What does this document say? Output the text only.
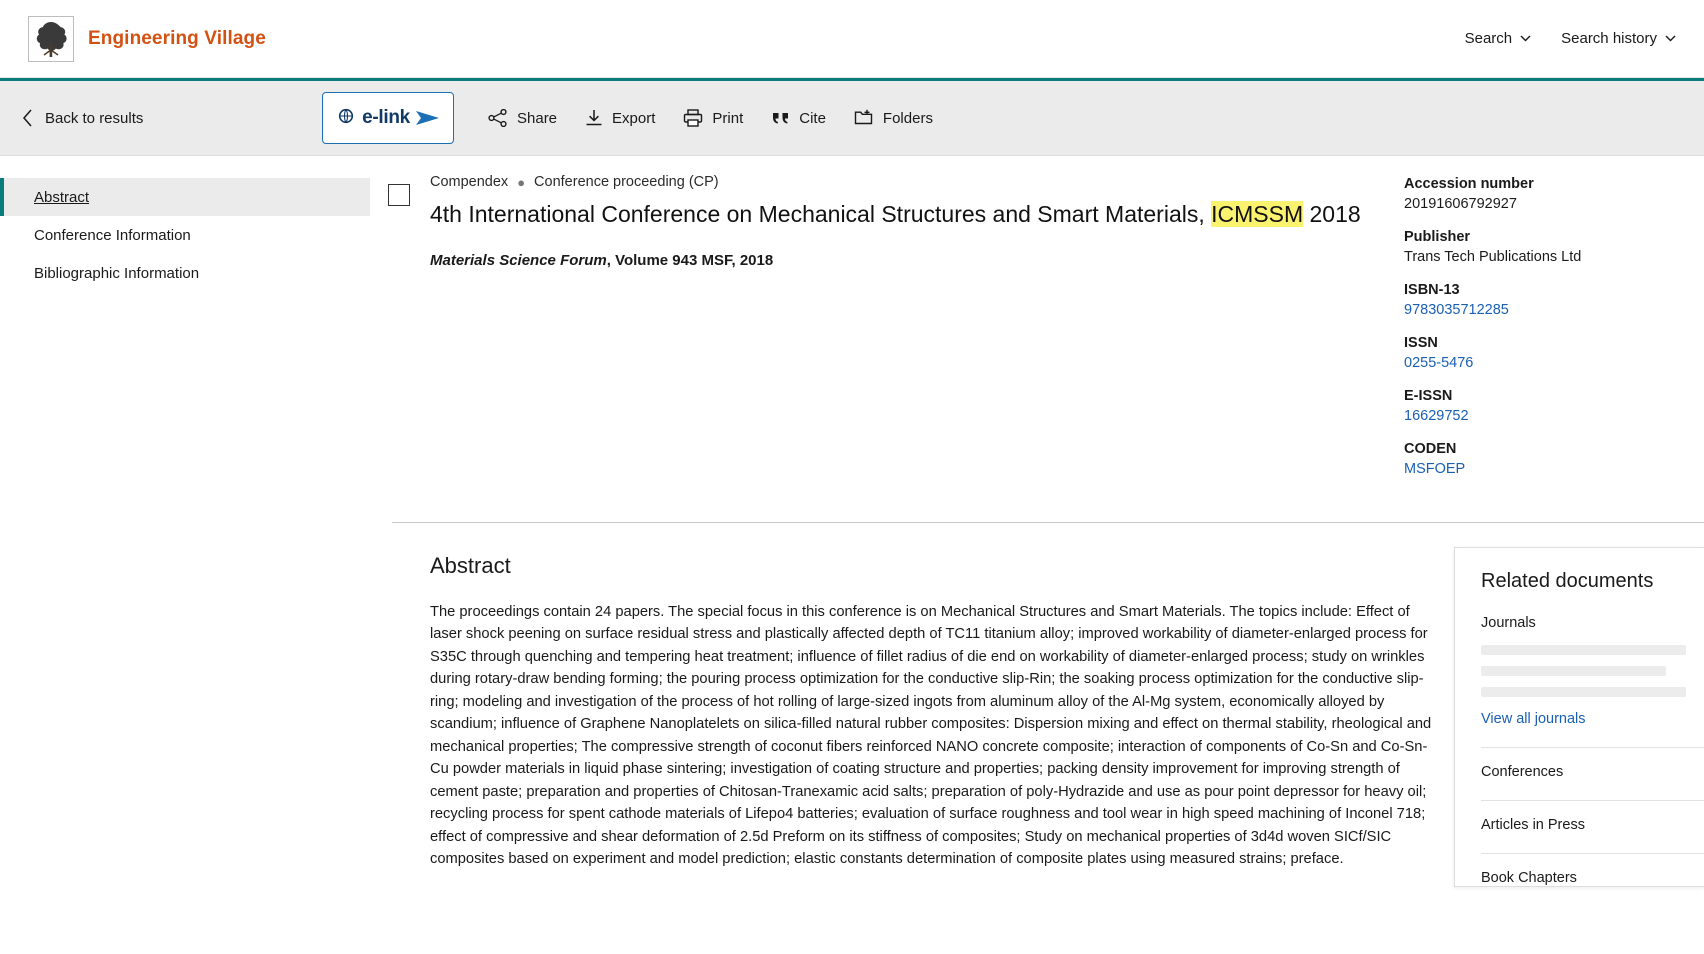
Engineering Village	Search	Search history
Back to results	e-link	Share	Export	Print	Cite	Folders
Abstract
Conference Information
Bibliographic Information
Compendex ● Conference proceeding (CP)
4th International Conference on Mechanical Structures and Smart Materials, ICMSSM 2018
Materials Science Forum, Volume 943 MSF, 2018
Accession number
20191606792927
Publisher
Trans Tech Publications Ltd
ISBN-13
9783035712285
ISSN
0255-5476
E-ISSN
16629752
CODEN
MSFOEP
Abstract
The proceedings contain 24 papers. The special focus in this conference is on Mechanical Structures and Smart Materials. The topics include: Effect of laser shock peening on surface residual stress and plastically affected depth of TC11 titanium alloy; improved workability of diameter-enlarged process for S35C through quenching and tempering heat treatment; influence of fillet radius of die end on workability of diameter-enlarged process; study on wrinkles during rotary-draw bending forming; the pouring process optimization for the conductive slip-Rin; the soaking process optimization for the conductive slip-ring; modeling and investigation of the process of hot rolling of large-sized ingots from aluminum alloy of the Al-Mg system, economically alloyed by scandium; influence of Graphene Nanoplatelets on silica-filled natural rubber composites: Dispersion mixing and effect on thermal stability, rheological and mechanical properties; The compressive strength of coconut fibers reinforced NANO concrete composite; interaction of components of Co-Sn and Co-Sn-Cu powder materials in liquid phase sintering; investigation of coating structure and properties; packing density improvement for improving strength of cement paste; preparation and properties of Chitosan-Tranexamic acid salts; preparation of poly-Hydrazide and use as pour point depressor for heavy oil; recycling process for spent cathode materials of Lifepo4 batteries; evaluation of surface roughness and tool wear in high speed machining of Inconel 718; effect of compressive and shear deformation of 2.5d Preform on its stiffness of composites; Study on mechanical properties of 3d4d woven SICf/SIC composites based on experiment and model prediction; elastic constants determination of composite plates using measured strains; preface.
Related documents
Journals
View all journals
Conferences
Articles in Press
Book Chapters
